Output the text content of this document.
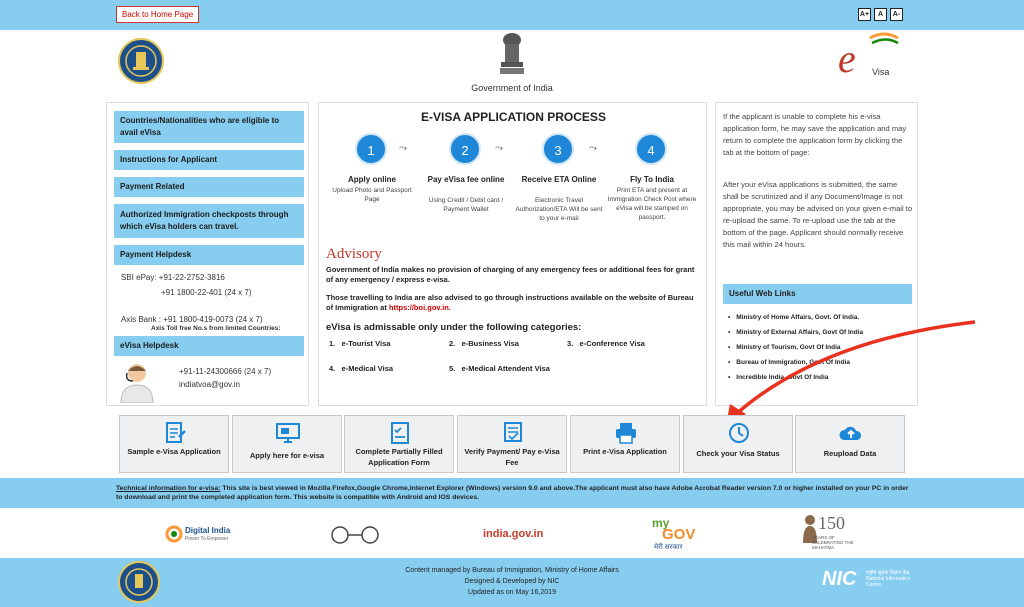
Back to Home Page	A+	A	A-
e Visa
Government of India
Countries/Nationalities who are eligible to avail eVisa
Instructions for Applicant
Payment Related
Authorized Immigration checkposts through which eVisa holders can travel.
Payment Helpdesk
SBI ePay: +91-22-2752-3816
+91 1800-22-401 (24 x 7)
Axis Bank : +91 1800-419-0073 (24 x 7)
Axis Toll free No.s from limited Countries:
eVisa Helpdesk
+91-11-24300666 (24 x 7)
indiatvoa@gov.in
E-VISA APPLICATION PROCESS
1	2	3	4
⤳	⤳	⤳
Apply online
Upload Photo and Passport Page
Pay eVisa fee online
Using Credit / Debit card / Payment Wallet
Receive ETA Online
Electronic Travel Authorization/ETA Will be sent to your e-mail
Fly To India
Print ETA and present at Immigration Check Post where eVisa will be stamped on passport.
Advisory
Government of India makes no provision of charging of any emergency fees or additional fees for grant of any emergency / express e-visa.
Those travelling to India are also advised to go through instructions available on the website of Bureau of Immigration at https://boi.gov.in.
eVisa is admissable only under the following categories:
1. e-Tourist Visa	2. e-Business Visa	3. e-Conference Visa
4. e-Medical Visa	5. e-Medical Attendent Visa
If the applicant is unable to complete his e-visa application form, he may save the application and may return to complete the application form by clicking the tab at the bottom of page:
After your eVisa applications is submitted, the same shall be scrutinized and if any Document/Image is not appropriate, you may be advised on your given e-mail to re-upload the same. To re-upload use the tab at the bottom of the page. Applicant should normally receive this mail within 24 hours.
Useful Web Links
• Ministry of Home Affairs, Govt. Of India.
• Ministry of External Affairs, Govt Of India
• Ministry of Tourism, Govt Of India
• Bureau of Immigration, Govt Of India
• Incredible India, Govt Of India
Sample e-Visa Application	Apply here for e-visa	Complete Partially Filled Application Form
Verify Payment/ Pay e-Visa Fee
Print e-Visa Application	Check your Visa Status	Reupload Data
Technical information for e-visa: This site is best viewed in Mozilla Firefox,Google Chrome,Internet Explorer (Windows) version 9.0 and above.The applicant must also have Adobe Acrobat Reader version 7.0 or higher installed on your PC in order to download and print the completed application form. This website is compatible with Android and IOS devices.
Digital India
Power To Empower	india.gov.in
my
GOV
मेरी सरकार
150
YEARS OF CELEBRATING THE MAHATMA
Content managed by Bureau of Immigration, Ministry of Home Affairs
Designed & Developed by NIC
Updated as on May 16,2019
NIC राष्ट्रीय सूचना विज्ञान केंद्र
National Informatics Centre
